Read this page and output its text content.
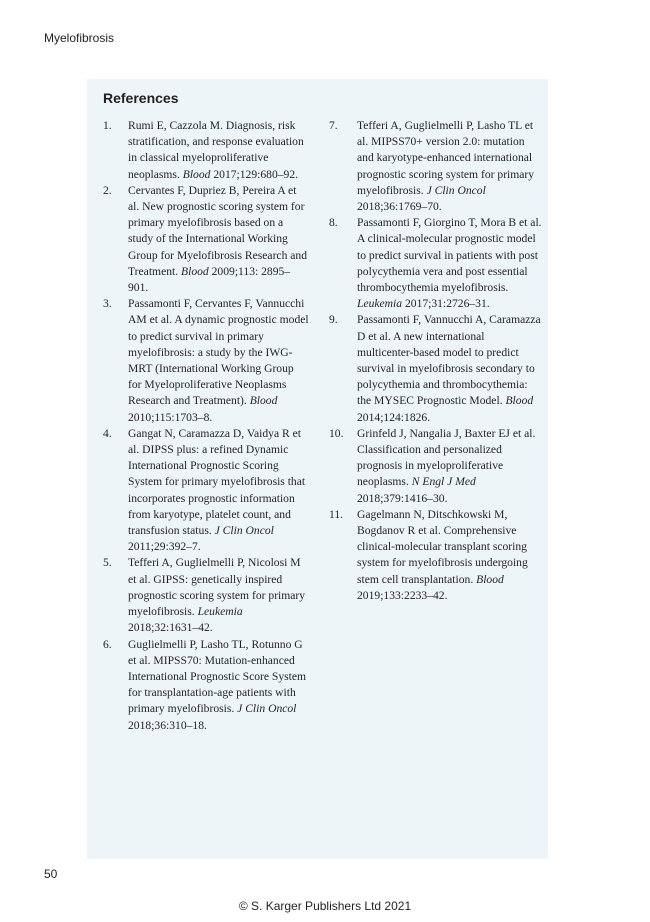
Myelofibrosis
References
1.	Rumi E, Cazzola M. Diagnosis, risk stratification, and response evaluation in classical myeloproliferative neoplasms. Blood 2017;129:680–92.
2.	Cervantes F, Dupriez B, Pereira A et al. New prognostic scoring system for primary myelofibrosis based on a study of the International Working Group for Myelofibrosis Research and Treatment. Blood 2009;113: 2895–901.
3.	Passamonti F, Cervantes F, Vannucchi AM et al. A dynamic prognostic model to predict survival in primary myelofibrosis: a study by the IWG-MRT (International Working Group for Myeloproliferative Neoplasms Research and Treatment). Blood 2010;115:1703–8.
4.	Gangat N, Caramazza D, Vaidya R et al. DIPSS plus: a refined Dynamic International Prognostic Scoring System for primary myelofibrosis that incorporates prognostic information from karyotype, platelet count, and transfusion status. J Clin Oncol 2011;29:392–7.
5.	Tefferi A, Guglielmelli P, Nicolosi M et al. GIPSS: genetically inspired prognostic scoring system for primary myelofibrosis. Leukemia 2018;32:1631–42.
6.	Guglielmelli P, Lasho TL, Rotunno G et al. MIPSS70: Mutation-enhanced International Prognostic Score System for transplantation-age patients with primary myelofibrosis. J Clin Oncol 2018;36:310–18.
7.	Tefferi A, Guglielmelli P, Lasho TL et al. MIPSS70+ version 2.0: mutation and karyotype-enhanced international prognostic scoring system for primary myelofibrosis. J Clin Oncol 2018;36:1769–70.
8.	Passamonti F, Giorgino T, Mora B et al. A clinical-molecular prognostic model to predict survival in patients with post polycythemia vera and post essential thrombocythemia myelofibrosis. Leukemia 2017;31:2726–31.
9.	Passamonti F, Vannucchi A, Caramazza D et al. A new international multicenter-based model to predict survival in myelofibrosis secondary to polycythemia and thrombocythemia: the MYSEC Prognostic Model. Blood 2014;124:1826.
10.	Grinfeld J, Nangalia J, Baxter EJ et al. Classification and personalized prognosis in myeloproliferative neoplasms. N Engl J Med 2018;379:1416–30.
11.	Gagelmann N, Ditschkowski M, Bogdanov R et al. Comprehensive clinical-molecular transplant scoring system for myelofibrosis undergoing stem cell transplantation. Blood 2019;133:2233–42.
50
© S. Karger Publishers Ltd 2021
